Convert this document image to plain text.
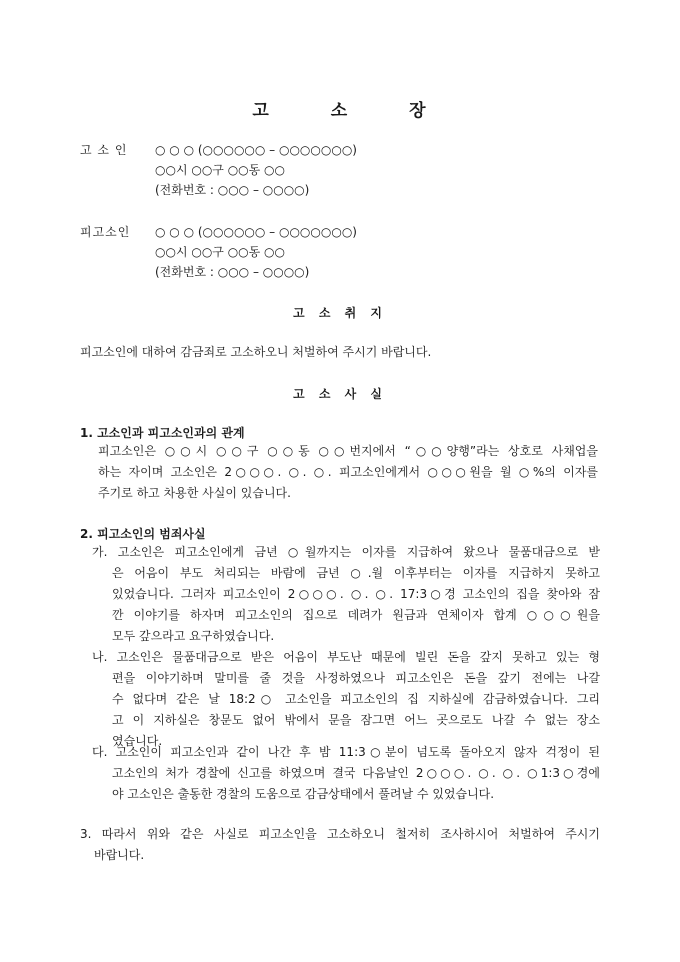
고	소	장
고 소 인 ○ ○ ○ (○○○○○○ – ○○○○○○○)
○○시 ○○구 ○○동 ○○
(전화번호 : ○○○ – ○○○○)
피고소인 ○ ○ ○ (○○○○○○ – ○○○○○○○)
○○시 ○○구 ○○동 ○○
(전화번호 : ○○○ – ○○○○)
고 소 취 지
피고소인에 대하여 감금죄로 고소하오니 처벌하여 주시기 바랍니다.
고 소 사 실
1. 고소인과 피고소인과의 관계
피고소인은 ○○시 ○○구 ○○동 ○○번지에서 “○○양행”라는 상호로 사채업을
하는 자이며 고소인은 2○○○. ○. ○. 피고소인에게서 ○○○원을 월 ○%의 이자를
주기로 하고 차용한 사실이 있습니다.
2. 피고소인의 범죄사실
가. 고소인은 피고소인에게 금년 ○월까지는 이자를 지급하여 왔으나 물품대금으로 받
은 어음이 부도 처리되는 바람에 금년 ○.월 이후부터는 이자를 지급하지 못하고
있었습니다. 그러자 피고소인이 2○○○. ○. ○. 17:3○경 고소인의 집을 찾아와 잠
깐 이야기를 하자며 피고소인의 집으로 데려가 원금과 연체이자 합계 ○○○원을
모두 갚으라고 요구하였습니다.
나. 고소인은 물품대금으로 받은 어음이 부도난 때문에 빌린 돈을 갚지 못하고 있는 형
편을 이야기하며 말미를 줄 것을 사정하였으나 피고소인은 돈을 갚기 전에는 나갈
수 없다며 같은 날 18:2○ 고소인을 피고소인의 집 지하실에 감금하였습니다. 그리
고 이 지하실은 창문도 없어 밖에서 문을 잠그면 어느 곳으로도 나갈 수 없는 장소
였습니다.
다. 고소인이 피고소인과 같이 나간 후 밤 11:3○분이 넘도록 돌아오지 않자 걱정이 된
고소인의 처가 경찰에 신고를 하였으며 결국 다음날인 2○○○. ○. ○. ○1:3○경에
야 고소인은 출동한 경찰의 도움으로 감금상태에서 풀려날 수 있었습니다.
3. 따라서 위와 같은 사실로 피고소인을 고소하오니 철저히 조사하시어 처벌하여 주시기
바랍니다.
